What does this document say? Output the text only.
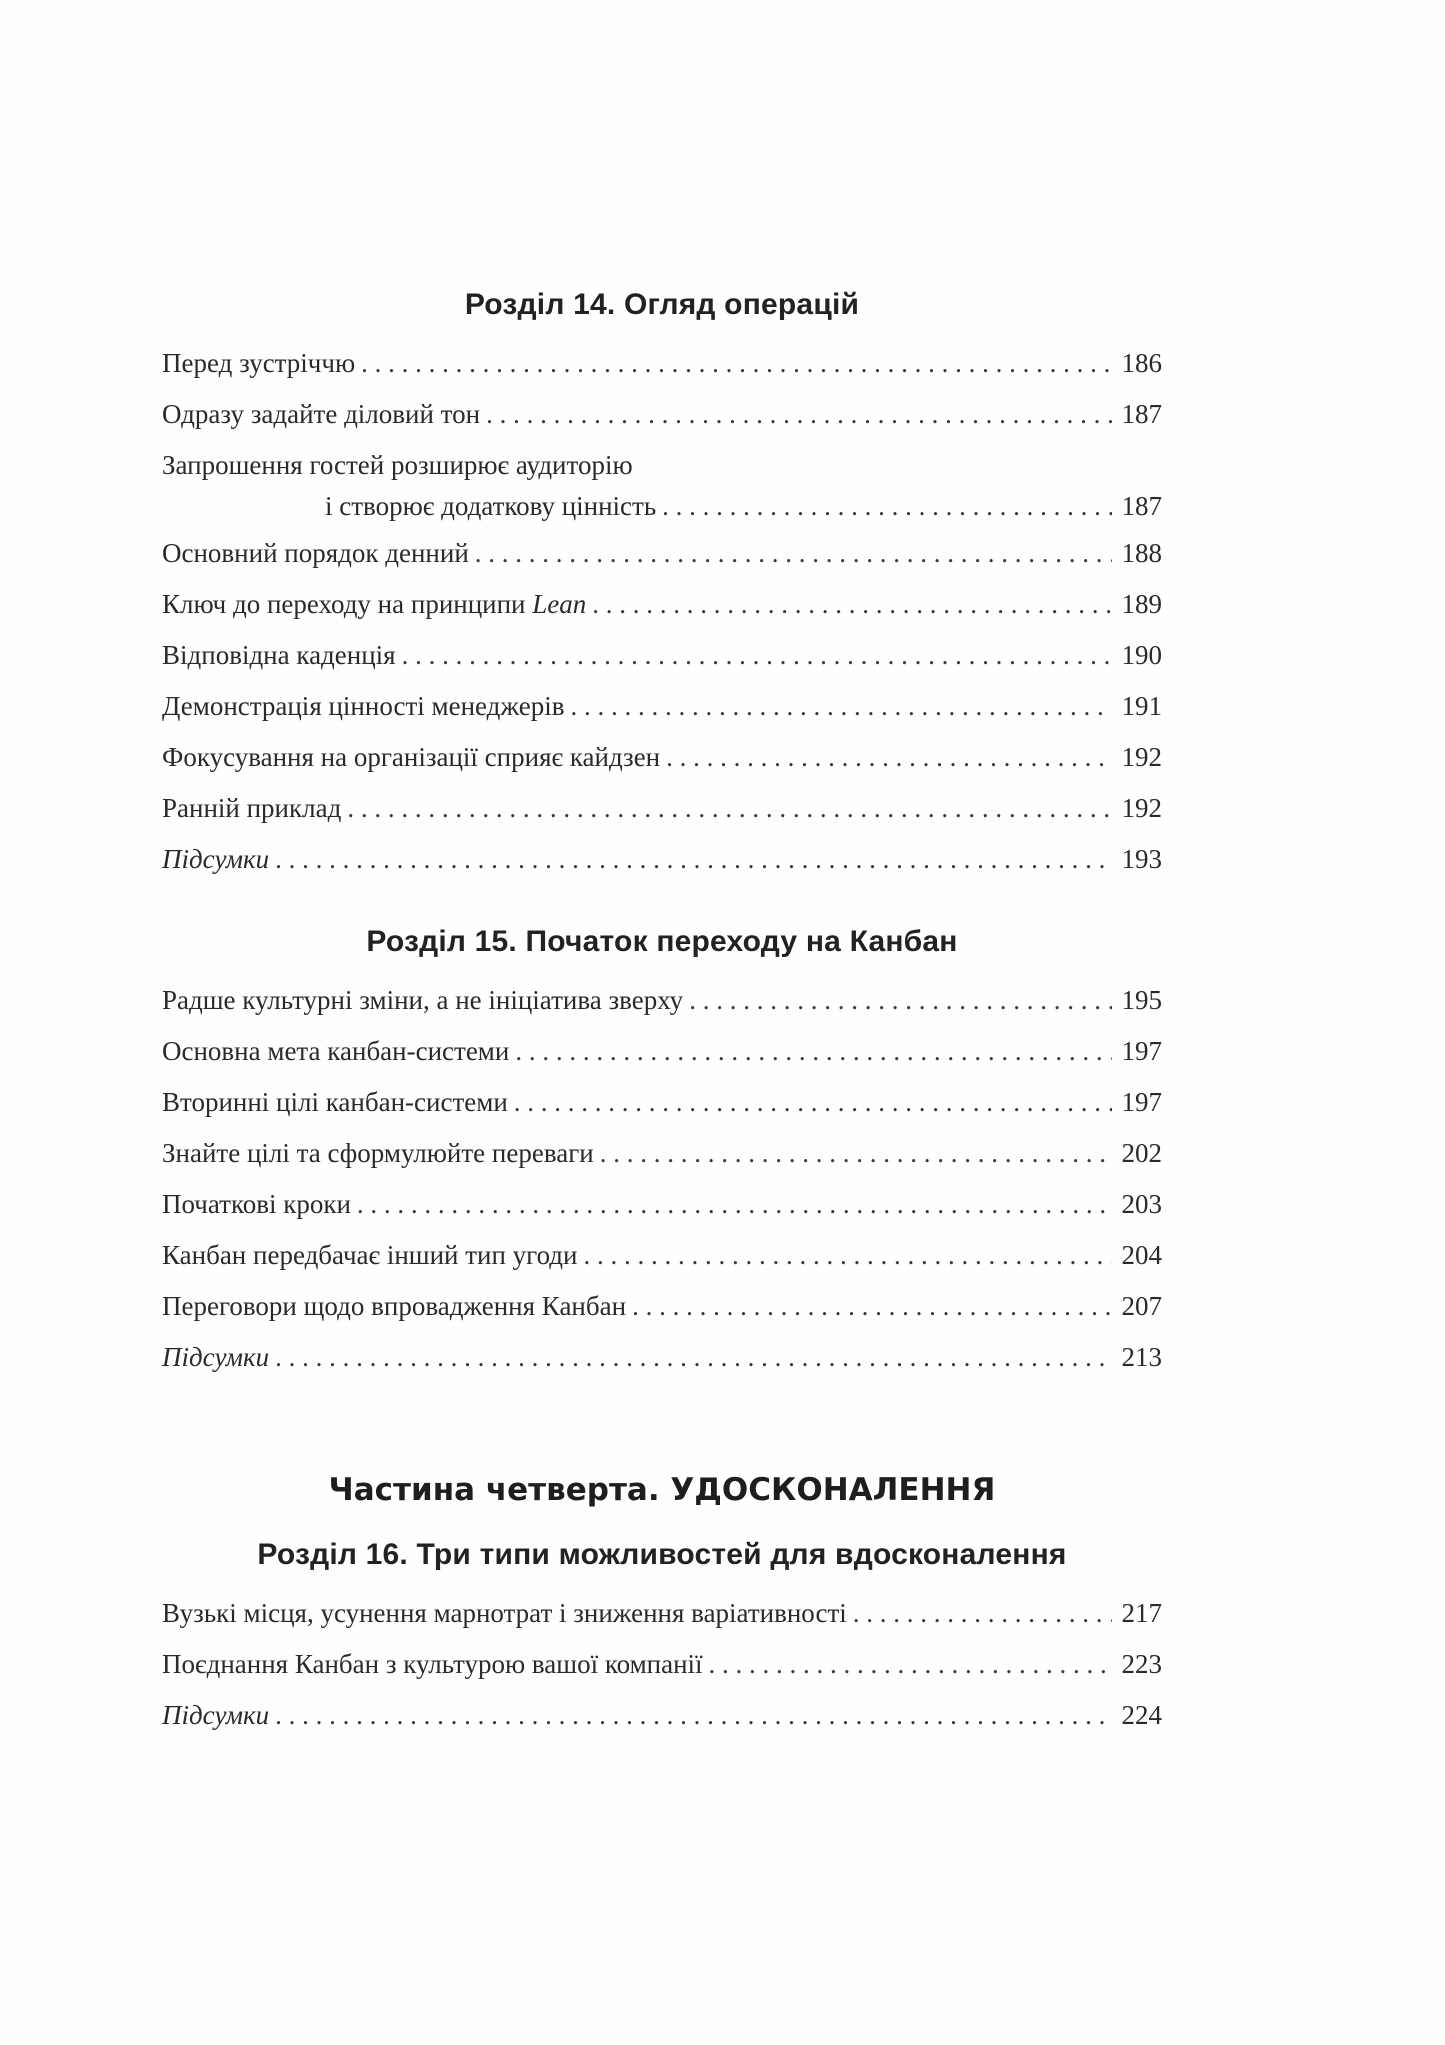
Розділ 14. Огляд операцій
Перед зустріччю . . .	186
Одразу задайте діловий тон . . .	187
Запрошення гостей розширює аудиторію
і створює додаткову цінність . . .	187
Основний порядок денний . . .	188
Ключ до переходу на принципи Lean . . .	189
Відповідна каденція . . .	190
Демонстрація цінності менеджерів . . .	191
Фокусування на організації сприяє кайдзен . . .	192
Ранній приклад . . .	192
Підсумки . . .	193
Розділ 15. Початок переходу на Канбан
Радше культурні зміни, а не ініціатива зверху . . .	195
Основна мета канбан-системи . . .	197
Вторинні цілі канбан-системи . . .	197
Знайте цілі та сформулюйте переваги . . .	202
Початкові кроки . . .	203
Канбан передбачає інший тип угоди . . .	204
Переговори щодо впровадження Канбан . . .	207
Підсумки . . .	213
Частина четверта. УДОСКОНАЛЕННЯ
Розділ 16. Три типи можливостей для вдосконалення
Вузькі місця, усунення марнотрат і зниження варіативності . . .	217
Поєднання Канбан з культурою вашої компанії . . .	223
Підсумки . . .	224
